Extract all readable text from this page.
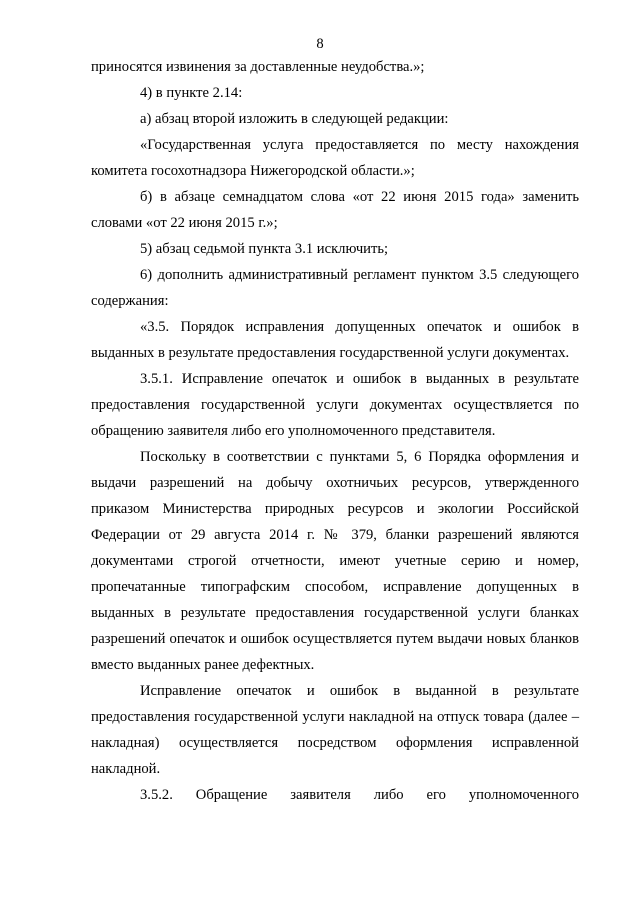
8

приносятся извинения за доставленные неудобства.»;

4) в пункте 2.14:

а) абзац второй изложить в следующей редакции:

«Государственная услуга предоставляется по месту нахождения комитета госохотнадзора Нижегородской области.»;

б) в абзаце семнадцатом слова «от 22 июня 2015 года» заменить словами «от 22 июня 2015 г.»;

5) абзац седьмой пункта 3.1 исключить;

6) дополнить административный регламент пунктом 3.5 следующего содержания:

«3.5. Порядок исправления допущенных опечаток и ошибок в выданных в результате предоставления государственной услуги документах.

3.5.1. Исправление опечаток и ошибок в выданных в результате предоставления государственной услуги документах осуществляется по обращению заявителя либо его уполномоченного представителя.

Поскольку в соответствии с пунктами 5, 6 Порядка оформления и выдачи разрешений на добычу охотничьих ресурсов, утвержденного приказом Министерства природных ресурсов и экологии Российской Федерации от 29 августа 2014 г. № 379, бланки разрешений являются документами строгой отчетности, имеют учетные серию и номер, пропечатанные типографским способом, исправление допущенных в выданных в результате предоставления государственной услуги бланках разрешений опечаток и ошибок осуществляется путем выдачи новых бланков вместо выданных ранее дефектных.

Исправление опечаток и ошибок в выданной в результате предоставления государственной услуги накладной на отпуск товара (далее – накладная) осуществляется посредством оформления исправленной накладной.

3.5.2. Обращение заявителя либо его уполномоченного
